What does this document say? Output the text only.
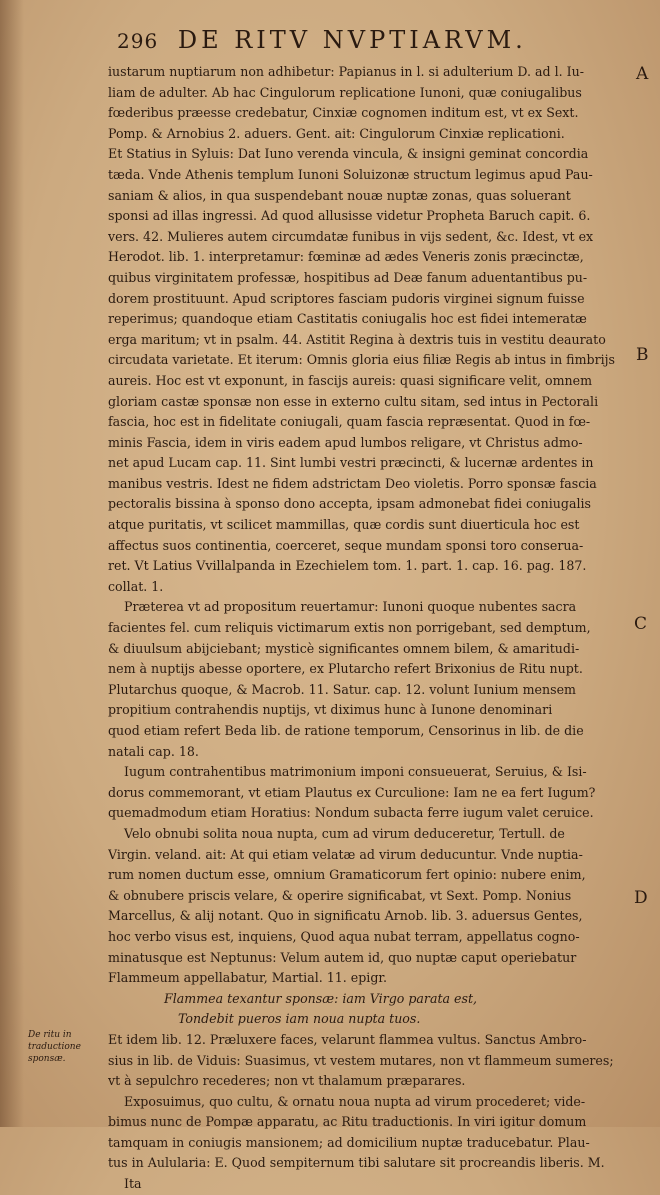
296 DE RITV NVPTIARVM.
A
B
C
D
De ritu in traductione sponsæ.
iustarum nuptiarum non adhibetur: Papianus in l. si adulterium D. ad l. Iu-
liam de adulter. Ab hac Cingulorum replicatione Iunoni, quæ coniugalibus
fœderibus præesse credebatur, Cinxiæ cognomen inditum est, vt ex Sext.
Pomp. & Arnobius 2. aduers. Gent. ait: Cingulorum Cinxiæ replicationi.
Et Statius in Syluis: Dat Iuno verenda vincula, & insigni geminat concordia
tæda. Vnde Athenis templum Iunoni Soluizonæ structum legimus apud Pau-
saniam & alios, in qua suspendebant nouæ nuptæ zonas, quas soluerant
sponsi ad illas ingressi. Ad quod allusisse videtur Propheta Baruch capit. 6.
vers. 42. Mulieres autem circumdatæ funibus in vijs sedent, &c. Idest, vt ex
Herodot. lib. 1. interpretamur: fœminæ ad ædes Veneris zonis præcinctæ,
quibus virginitatem professæ, hospitibus ad Deæ fanum aduentantibus pu-
dorem prostituunt. Apud scriptores fasciam pudoris virginei signum fuisse
reperimus; quandoque etiam Castitatis coniugalis hoc est fidei intemeratæ
erga maritum; vt in psalm. 44. Astitit Regina à dextris tuis in vestitu deaurato
circudata varietate. Et iterum: Omnis gloria eius filiæ Regis ab intus in fimbrijs
aureis. Hoc est vt exponunt, in fascijs aureis: quasi significare velit, omnem
gloriam castæ sponsæ non esse in externo cultu sitam, sed intus in Pectorali
fascia, hoc est in fidelitate coniugali, quam fascia repræsentat. Quod in fœ-
minis Fascia, idem in viris eadem apud lumbos religare, vt Christus admo-
net apud Lucam cap. 11. Sint lumbi vestri præcincti, & lucernæ ardentes in
manibus vestris. Idest ne fidem adstrictam Deo violetis. Porro sponsæ fascia
pectoralis bissina à sponso dono accepta, ipsam admonebat fidei coniugalis
atque puritatis, vt scilicet mammillas, quæ cordis sunt diuerticula hoc est
affectus suos continentia, coerceret, seque mundam sponsi toro conserua-
ret. Vt Latius Vvillalpanda in Ezechielem tom. 1. part. 1. cap. 16. pag. 187.
collat. 1.
Præterea vt ad propositum reuertamur: Iunoni quoque nubentes sacra
facientes fel. cum reliquis victimarum extis non porrigebant, sed demptum,
& diuulsum abijciebant; mysticè significantes omnem bilem, & amaritudi-
nem à nuptijs abesse oportere, ex Plutarcho refert Brixonius de Ritu nupt.
Plutarchus quoque, & Macrob. 11. Satur. cap. 12. volunt Iunium mensem
propitium contrahendis nuptijs, vt diximus hunc à Iunone denominari
quod etiam refert Beda lib. de ratione temporum, Censorinus in lib. de die
natali cap. 18.
Iugum contrahentibus matrimonium imponi consueuerat, Seruius, & Isi-
dorus commemorant, vt etiam Plautus ex Curculione: Iam ne ea fert Iugum?
quemadmodum etiam Horatius: Nondum subacta ferre iugum valet ceruice.
Velo obnubi solita noua nupta, cum ad virum deduceretur, Tertull. de
Virgin. veland. ait: At qui etiam velatæ ad virum deducuntur. Vnde nuptia-
rum nomen ductum esse, omnium Gramaticorum fert opinio: nubere enim,
& obnubere priscis velare, & operire significabat, vt Sext. Pomp. Nonius
Marcellus, & alij notant. Quo in significatu Arnob. lib. 3. aduersus Gentes,
hoc verbo visus est, inquiens, Quod aqua nubat terram, appellatus cogno-
minatusque est Neptunus: Velum autem id, quo nuptæ caput operiebatur
Flammeum appellabatur, Martial. 11. epigr.
Flammea texantur sponsæ: iam Virgo parata est,
Tondebit pueros iam noua nupta tuos.
Et idem lib. 12. Præluxere faces, velarunt flammea vultus. Sanctus Ambro-
sius in lib. de Viduis: Suasimus, vt vestem mutares, non vt flammeum sumeres;
vt à sepulchro recederes; non vt thalamum præparares.
Exposuimus, quo cultu, & ornatu noua nupta ad virum procederet; vide-
bimus nunc de Pompæ apparatu, ac Ritu traductionis. In viri igitur domum
tamquam in coniugis mansionem; ad domicilium nuptæ traducebatur. Plau-
tus in Aulularia: E. Quod sempiternum tibi salutare sit procreandis liberis. M.
Ita
